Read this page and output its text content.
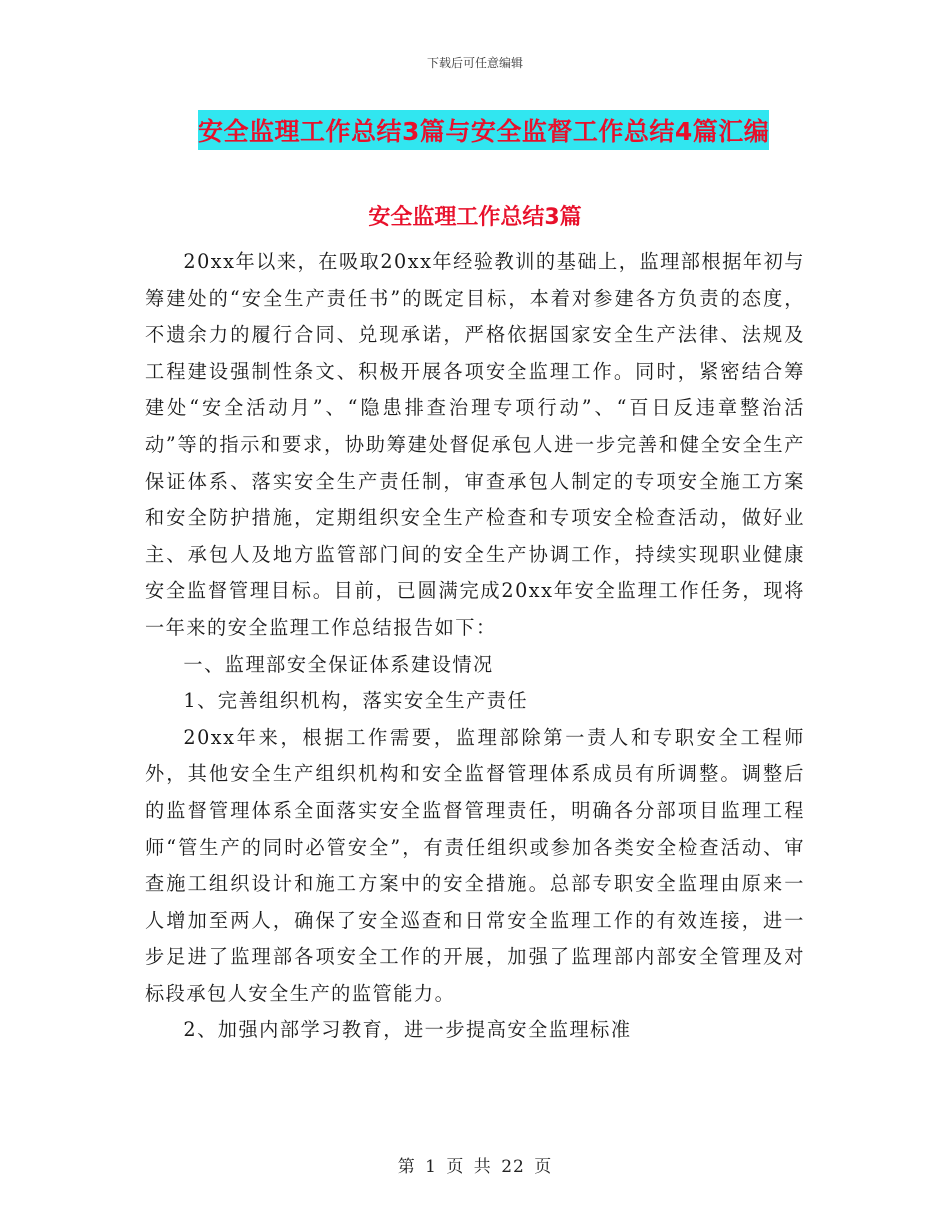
下载后可任意编辑
安全监理工作总结3篇与安全监督工作总结4篇汇编
安全监理工作总结3篇

20xx年以来，在吸取20xx年经验教训的基础上，监理部根据年初与筹建处的“安全生产责任书”的既定目标，本着对参建各方负责的态度，不遗余力的履行合同、兑现承诺，严格依据国家安全生产法律、法规及工程建设强制性条文、积极开展各项安全监理工作。同时，紧密结合筹建处“安全活动月”、“隐患排查治理专项行动”、“百日反违章整治活动”等的指示和要求，协助筹建处督促承包人进一步完善和健全安全生产保证体系、落实安全生产责任制，审查承包人制定的专项安全施工方案和安全防护措施，定期组织安全生产检查和专项安全检查活动，做好业主、承包人及地方监管部门间的安全生产协调工作，持续实现职业健康安全监督管理目标。目前，已圆满完成20xx年安全监理工作任务，现将一年来的安全监理工作总结报告如下：

一、监理部安全保证体系建设情况

1、完善组织机构，落实安全生产责任

20xx年来，根据工作需要，监理部除第一责人和专职安全工程师外，其他安全生产组织机构和安全监督管理体系成员有所调整。调整后的监督管理体系全面落实安全监督管理责任，明确各分部项目监理工程师“管生产的同时必管安全”，有责任组织或参加各类安全检查活动、审查施工组织设计和施工方案中的安全措施。总部专职安全监理由原来一人增加至两人，确保了安全巡查和日常安全监理工作的有效连接，进一步足进了监理部各项安全工作的开展，加强了监理部内部安全管理及对标段承包人安全生产的监管能力。

2、加强内部学习教育，进一步提高安全监理标准

第 1 页 共 22 页
